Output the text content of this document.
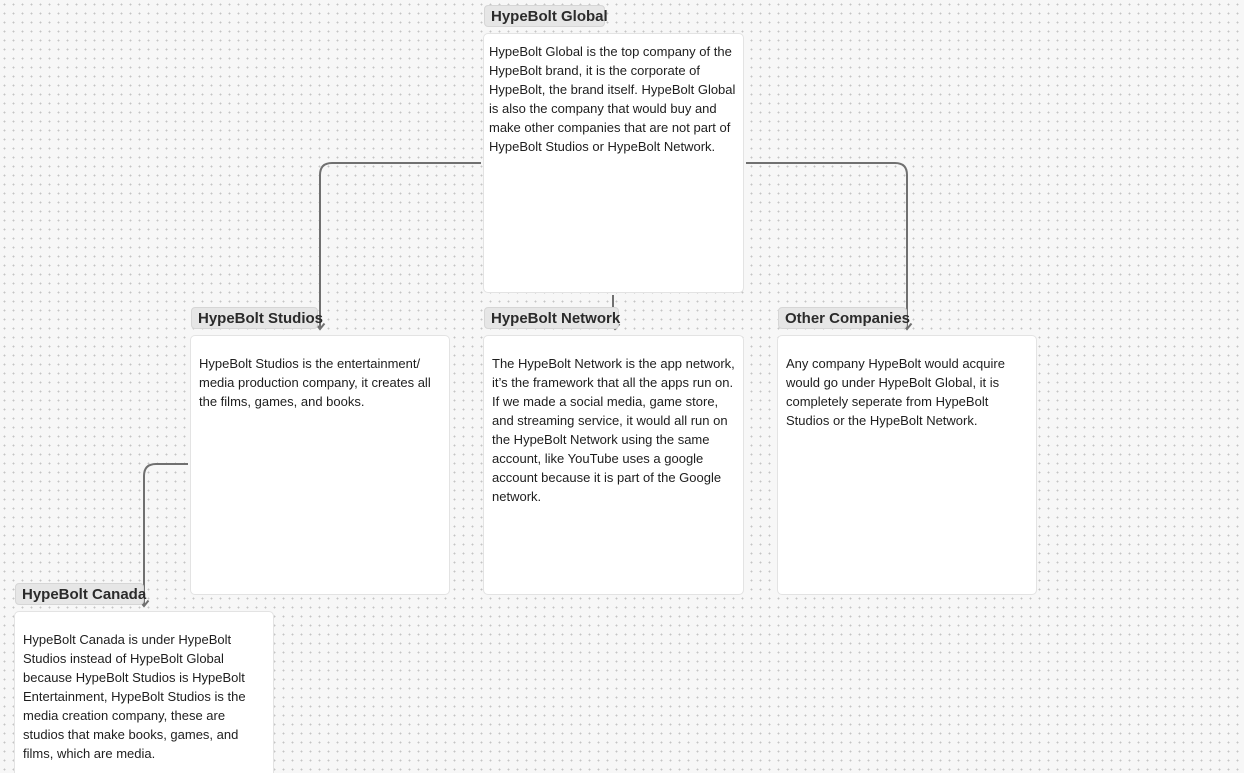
HypeBolt Global

HypeBolt Global is the top company of the HypeBolt brand, it is the corporate of HypeBolt, the brand itself. HypeBolt Global is also the company that would buy and make other companies that are not part of HypeBolt Studios or HypeBolt Network.

HypeBolt Studios

HypeBolt Studios is the entertainment/ media production company, it creates all the films, games, and books.

HypeBolt Network

The HypeBolt Network is the app network, it’s the framework that all the apps run on. If we made a social media, game store, and streaming service, it would all run on the HypeBolt Network using the same account, like YouTube uses a google account because it is part of the Google network.

Other Companies

Any company HypeBolt would acquire would go under HypeBolt Global, it is completely seperate from HypeBolt Studios or the HypeBolt Network.

HypeBolt Canada

HypeBolt Canada is under HypeBolt Studios instead of HypeBolt Global because HypeBolt Studios is HypeBolt Entertainment, HypeBolt Studios is the media creation company, these are studios that make books, games, and films, which are media.
